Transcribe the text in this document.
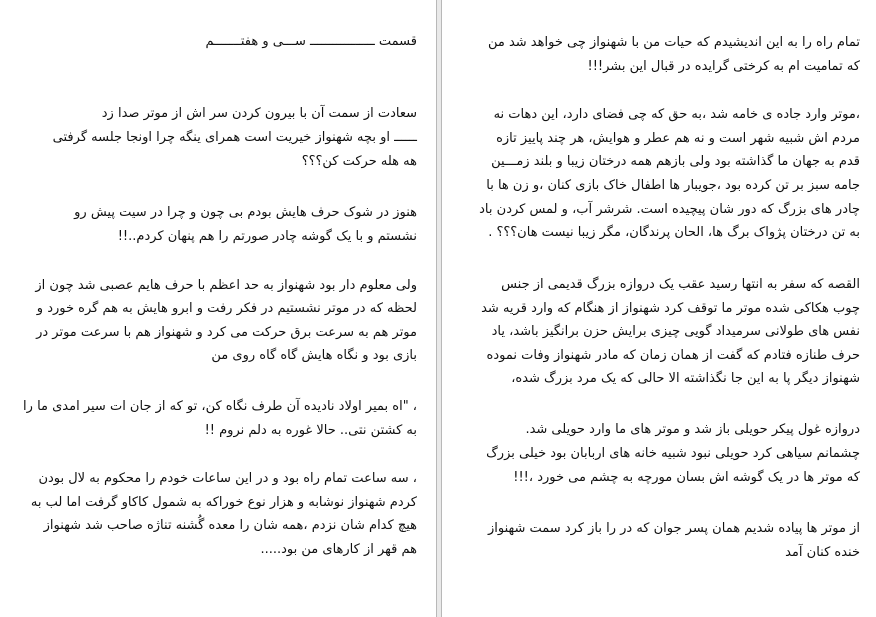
قسمت ـــــــــــــــــ ســـی و هفتـــــــم
سعادت از سمت آن با بیرون کردن سر اش از موتر صدا زد
ــــــ او بچه شهنواز خیریت است همرای ینگه چرا اونجا جلسه گرفتی
هه هله حرکت کن؟؟؟
هنوز در شوک حرف هایش بودم بی چون و چرا در سیت پیش رو
نشستم و با یک گوشه چادر صورتم را هم پنهان کردم..!!
ولی معلوم دار بود شهنواز به حد اعظم با حرف هایم عصبی شد چون از
لحظه که در موتر نشستیم در فکر رفت و ابرو هایش به هم گره خورد و
موتر هم به سرعت برق حرکت می کرد و شهنواز هم با سرعت موتر در
بازی بود و نگاه هایش گاه گاه روی من
، "اه بمیر اولاد نادیده آن طرف نگاه کن، تو که از جان ات سیر امدی ما را
به کشتن نتی.. حالا غوره به دلم نروم !!
، سه ساعت تمام راه بود و در این ساعات خودم را محکوم به لال بودن
کردم شهنواز نوشابه و هزار نوع خوراکه به شمول کاکاو گرفت اما لب به
هیچ کدام شان نزدم ،همه شان را معده گُشنه تناژه صاحب شد شهنواز
هم قهر از کارهای من بود.....
تمام راه را به این اندیشیدم که حیات من با شهنواز چی خواهد شد من
که تمامیت ام به کرختی گرایده در قبال این بشر!!!
،موتر وارد جاده ی خامه شد ،به حق که چی فضای دارد، این دهات نه
مردم اش شبیه شهر است و نه هم عطر و هوایش، هر چند پاییز تازه
قدم به جهان ما گذاشته بود ولی بازهم همه درختان زیبا و بلند زمـــین
جامه سبز بر تن کرده بود ،جویبار ها اطفال خاک بازی کنان ،و زن ها با
چادر های بزرگ که دور شان پیچیده است. شرشر آب، و لمس کردن باد
به تن درختان پژواک برگ ها، الحان پرندگان، مگر زیبا نیست هان؟؟؟ .
القصه که سفر به انتها رسید عقب یک دروازه بزرگ قدیمی از جنس
چوب هکاکی شده موتر ما توقف کرد شهنواز از هنگام که وارد قریه شد
نفس های طولانی سرمیداد گویی چیزی برایش حزن برانگیز باشد، یاد
حرف طنازه فتادم که گفت از همان زمان که مادر شهنواز وفات نموده
شهنواز دیگر پا به این جا نگذاشته الا حالی که یک مرد بزرگ شده،
دروازه غول پیکر حویلی باز شد و موتر های ما وارد حویلی شد.
چشمانم سیاهی کرد حویلی نبود شبیه خانه های اربابان بود خیلی بزرگ
که موتر ها در یک گوشه اش بسان مورچه به چشم می خورد ،!!!
از موتر ها پیاده شدیم همان پسر جوان که در را باز کرد سمت شهنواز
خنده کنان آمد
